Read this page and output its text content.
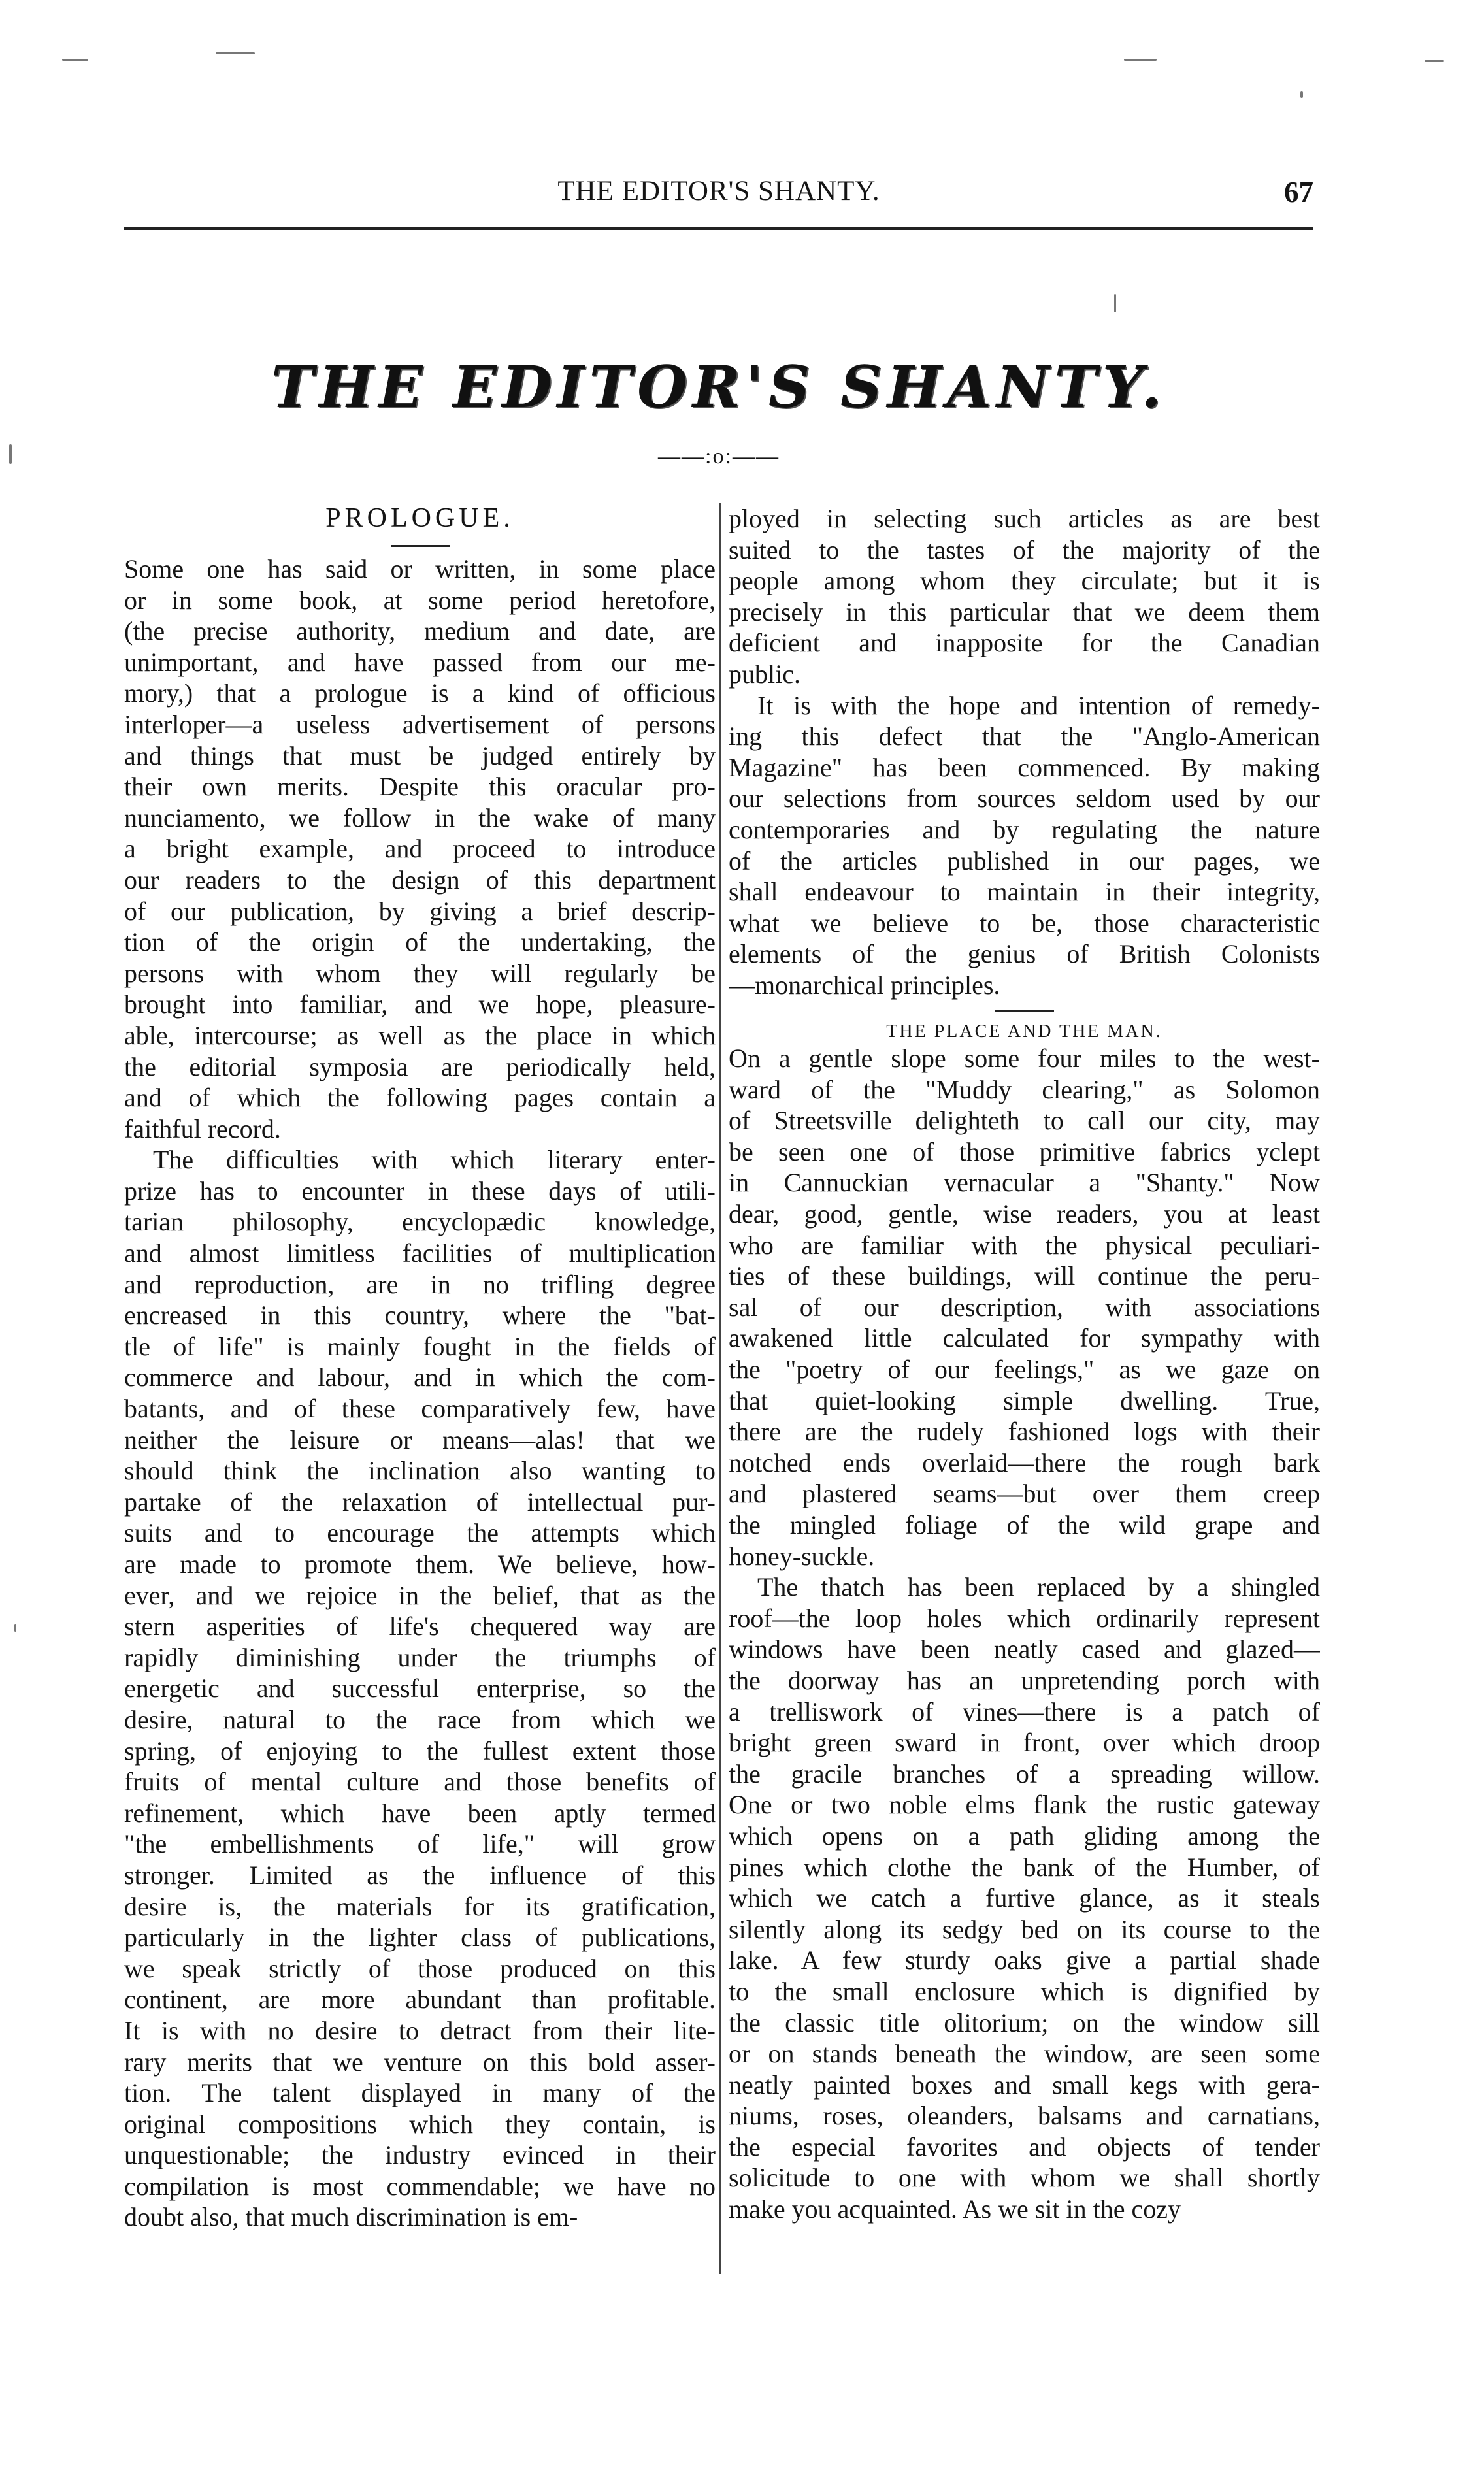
THE EDITOR'S SHANTY.	67
THE EDITOR'S SHANTY.
——:o:——
PROLOGUE.
Some one has said or written, in some place
or in some book, at some period heretofore,
(the precise authority, medium and date, are
unimportant, and have passed from our me-
mory,) that a prologue is a kind of officious
interloper—a useless advertisement of persons
and things that must be judged entirely by
their own merits. Despite this oracular pro-
nunciamento, we follow in the wake of many
a bright example, and proceed to introduce
our readers to the design of this department
of our publication, by giving a brief descrip-
tion of the origin of the undertaking, the
persons with whom they will regularly be
brought into familiar, and we hope, pleasure-
able, intercourse; as well as the place in which
the editorial symposia are periodically held,
and of which the following pages contain a
faithful record.
The difficulties with which literary enter-
prize has to encounter in these days of utili-
tarian philosophy, encyclopædic knowledge,
and almost limitless facilities of multiplication
and reproduction, are in no trifling degree
encreased in this country, where the "bat-
tle of life" is mainly fought in the fields of
commerce and labour, and in which the com-
batants, and of these comparatively few, have
neither the leisure or means—alas! that we
should think the inclination also wanting to
partake of the relaxation of intellectual pur-
suits and to encourage the attempts which
are made to promote them. We believe, how-
ever, and we rejoice in the belief, that as the
stern asperities of life's chequered way are
rapidly diminishing under the triumphs of
energetic and successful enterprise, so the
desire, natural to the race from which we
spring, of enjoying to the fullest extent those
fruits of mental culture and those benefits of
refinement, which have been aptly termed
"the embellishments of life," will grow
stronger. Limited as the influence of this
desire is, the materials for its gratification,
particularly in the lighter class of publications,
we speak strictly of those produced on this
continent, are more abundant than profitable.
It is with no desire to detract from their lite-
rary merits that we venture on this bold asser-
tion. The talent displayed in many of the
original compositions which they contain, is
unquestionable; the industry evinced in their
compilation is most commendable; we have no
doubt also, that much discrimination is em-
ployed in selecting such articles as are best
suited to the tastes of the majority of the
people among whom they circulate; but it is
precisely in this particular that we deem them
deficient and inapposite for the Canadian
public.
It is with the hope and intention of remedy-
ing this defect that the "Anglo-American
Magazine" has been commenced. By making
our selections from sources seldom used by our
contemporaries and by regulating the nature
of the articles published in our pages, we
shall endeavour to maintain in their integrity,
what we believe to be, those characteristic
elements of the genius of British Colonists
—monarchical principles.
THE PLACE AND THE MAN.
On a gentle slope some four miles to the west-
ward of the "Muddy clearing," as Solomon
of Streetsville delighteth to call our city, may
be seen one of those primitive fabrics yclept
in Cannuckian vernacular a "Shanty." Now
dear, good, gentle, wise readers, you at least
who are familiar with the physical peculiari-
ties of these buildings, will continue the peru-
sal of our description, with associations
awakened little calculated for sympathy with
the "poetry of our feelings," as we gaze on
that quiet-looking simple dwelling. True,
there are the rudely fashioned logs with their
notched ends overlaid—there the rough bark
and plastered seams—but over them creep
the mingled foliage of the wild grape and
honey-suckle.
The thatch has been replaced by a shingled
roof—the loop holes which ordinarily represent
windows have been neatly cased and glazed—
the doorway has an unpretending porch with
a trelliswork of vines—there is a patch of
bright green sward in front, over which droop
the gracile branches of a spreading willow.
One or two noble elms flank the rustic gateway
which opens on a path gliding among the
pines which clothe the bank of the Humber, of
which we catch a furtive glance, as it steals
silently along its sedgy bed on its course to the
lake. A few sturdy oaks give a partial shade
to the small enclosure which is dignified by
the classic title olitorium; on the window sill
or on stands beneath the window, are seen some
neatly painted boxes and small kegs with gera-
niums, roses, oleanders, balsams and carnatians,
the especial favorites and objects of tender
solicitude to one with whom we shall shortly
make you acquainted. As we sit in the cozy
